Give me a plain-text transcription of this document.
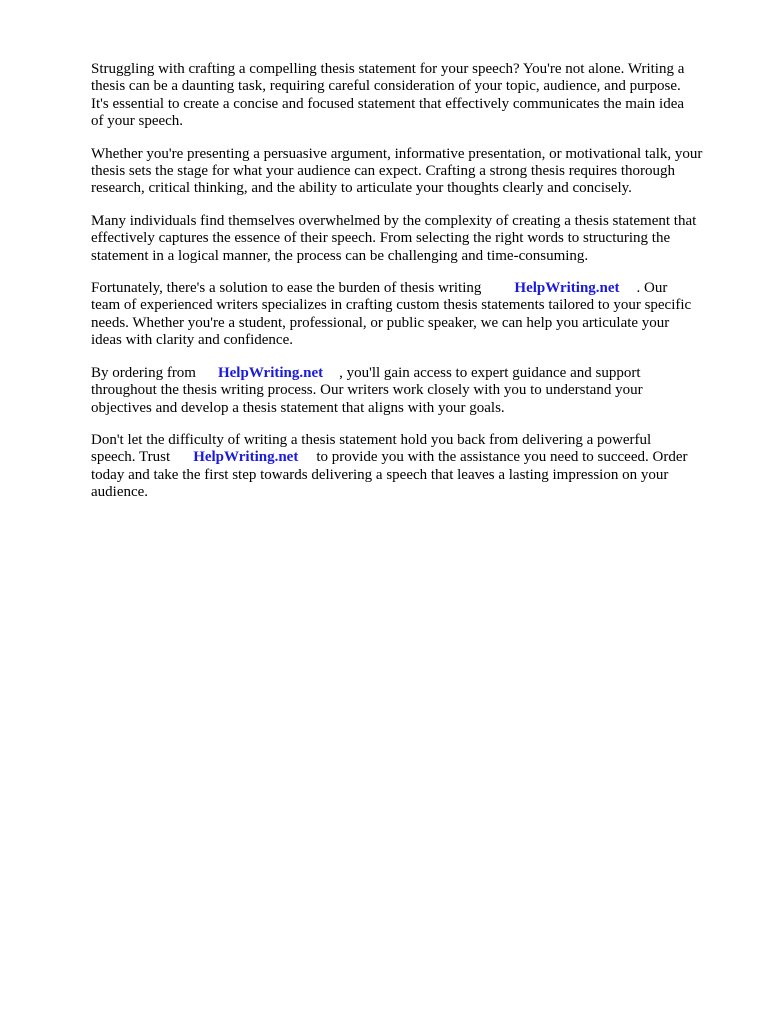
Struggling with crafting a compelling thesis statement for your speech? You're not alone. Writing a
thesis can be a daunting task, requiring careful consideration of your topic, audience, and purpose.
It's essential to create a concise and focused statement that effectively communicates the main idea
of your speech.

Whether you're presenting a persuasive argument, informative presentation, or motivational talk, your
thesis sets the stage for what your audience can expect. Crafting a strong thesis requires thorough
research, critical thinking, and the ability to articulate your thoughts clearly and concisely.

Many individuals find themselves overwhelmed by the complexity of creating a thesis statement that
effectively captures the essence of their speech. From selecting the right words to structuring the
statement in a logical manner, the process can be challenging and time-consuming.

Fortunately, there's a solution to ease the burden of thesis writing HelpWriting.net . Our
team of experienced writers specializes in crafting custom thesis statements tailored to your specific
needs. Whether you're a student, professional, or public speaker, we can help you articulate your
ideas with clarity and confidence.

By ordering from HelpWriting.net , you'll gain access to expert guidance and support
throughout the thesis writing process. Our writers work closely with you to understand your
objectives and develop a thesis statement that aligns with your goals.

Don't let the difficulty of writing a thesis statement hold you back from delivering a powerful
speech. Trust HelpWriting.net to provide you with the assistance you need to succeed. Order
today and take the first step towards delivering a speech that leaves a lasting impression on your
audience.
